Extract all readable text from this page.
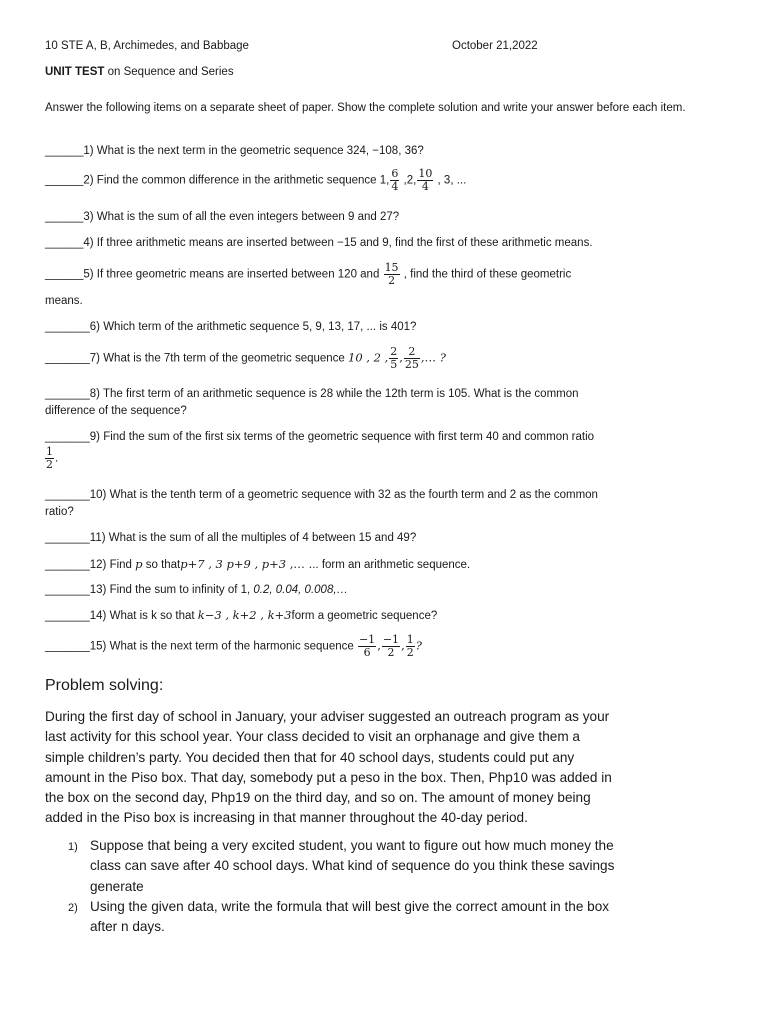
10 STE A, B, Archimedes, and Babbage	October 21,2022
UNIT TEST on Sequence and Series
Answer the following items on a separate sheet of paper. Show the complete solution and write your answer before each item.
______1) What is the next term in the geometric sequence 324, −108, 36?
______2) Find the common difference in the arithmetic sequence 1, $\frac{6}{4} ,2$, $\frac{10}{4}$ , 3, ...
______3) What is the sum of all the even integers between 9 and 27?
______4) If three arithmetic means are inserted between −15 and 9, find the first of these arithmetic means.
______5) If three geometric means are inserted between 120 and $\frac{15}{2}$ , find the third of these geometric
means.
_______6) Which term of the arithmetic sequence 5, 9, 13, 17, ... is 401?
_______7) What is the 7th term of the geometric sequence 10 , 2 , $\frac{2}{5}$ , $\frac{2}{25}$ ,… ?
_______8) The first term of an arithmetic sequence is 28 while the 12th term is 105. What is the common
difference of the sequence?
_______9) Find the sum of the first six terms of the geometric sequence with first term 40 and common ratio
$\frac{1}{2}$ .
_______10) What is the tenth term of a geometric sequence with 32 as the fourth term and 2 as the common
ratio?
_______11) What is the sum of all the multiples of 4 between 15 and 49?
_______12) Find p so thatp+7 , 3 p+9 , p+3 ,… ... form an arithmetic sequence.
_______13) Find the sum to infinity of 1, 0.2, 0.04, 0.008,…
_______14) What is k so that k−3 , k+2 , k+3form a geometric sequence?
_______15) What is the next term of the harmonic sequence $\frac{-1}{6}$ , $\frac{-1}{2}$ , $\frac{1}{2}$ ?
Problem solving:
During the first day of school in January, your adviser suggested an outreach program as your
last activity for this school year. Your class decided to visit an orphanage and give them a
simple children’s party. You decided then that for 40 school days, students could put any
amount in the Piso box. That day, somebody put a peso in the box. Then, Php10 was added in
the box on the second day, Php19 on the third day, and so on. The amount of money being
added in the Piso box is increasing in that manner throughout the 40-day period.
1) Suppose that being a very excited student, you want to figure out how much money the
class can save after 40 school days. What kind of sequence do you think these savings
generate
2) Using the given data, write the formula that will best give the correct amount in the box
after n days.
